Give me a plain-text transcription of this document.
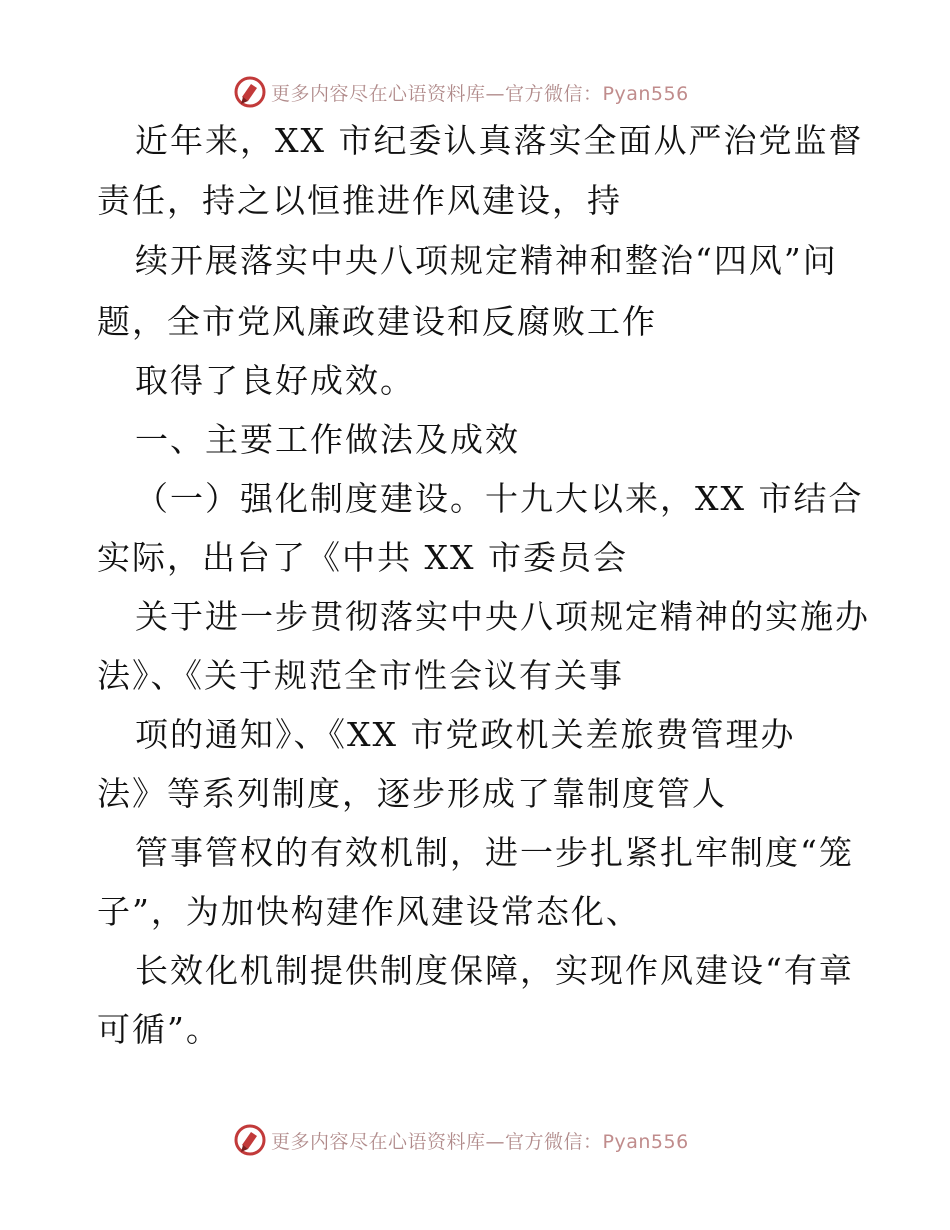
更多内容尽在心语资料库—官方微信：Pyan556
近年来，XX 市纪委认真落实全面从严治党监督
责任，持之以恒推进作风建设，持
续开展落实中央八项规定精神和整治“四风”问
题，全市党风廉政建设和反腐败工作
取得了良好成效。
一、主要工作做法及成效
（一）强化制度建设。十九大以来，XX 市结合
实际，出台了《中共 XX 市委员会
关于进一步贯彻落实中央八项规定精神的实施办
法》、《关于规范全市性会议有关事
项的通知》、《XX 市党政机关差旅费管理办
法》等系列制度，逐步形成了靠制度管人
管事管权的有效机制，进一步扎紧扎牢制度“笼
子”，为加快构建作风建设常态化、
长效化机制提供制度保障，实现作风建设“有章
可循”。
更多内容尽在心语资料库—官方微信：Pyan556
